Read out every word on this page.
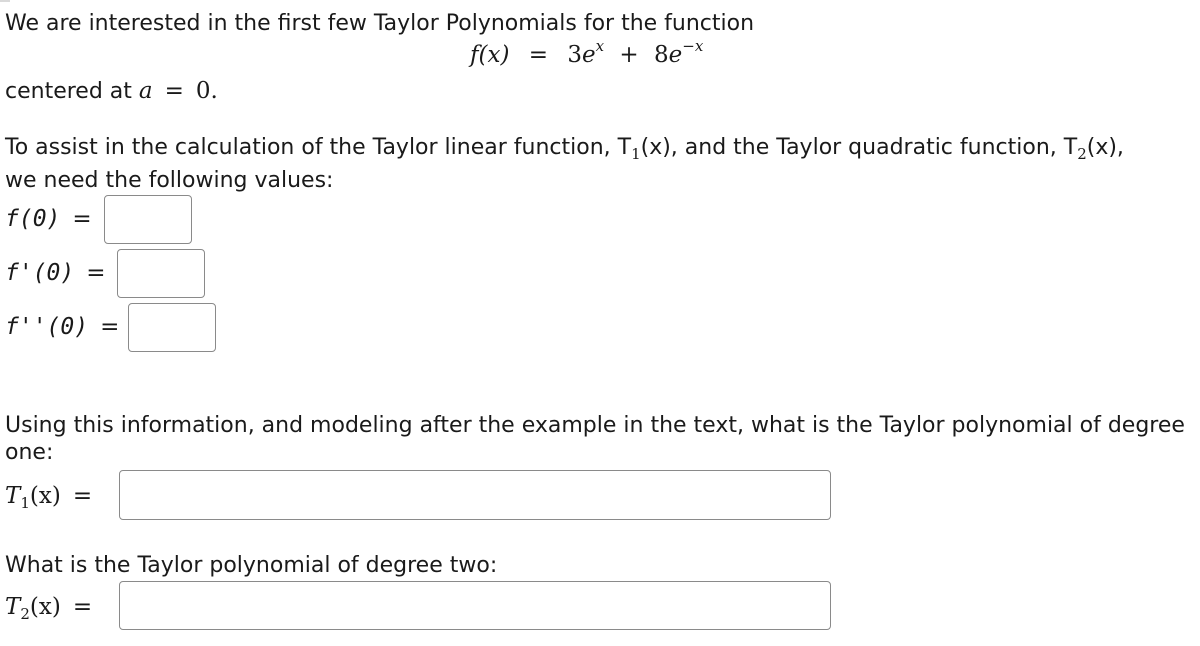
We are interested in the first few Taylor Polynomials for the function
$f(x) = 3e^x + 8e^{-x}$
centered at a = 0.
To assist in the calculation of the Taylor linear function, $T_1(x)$, and the Taylor quadratic function, $T_2(x)$,
we need the following values:
f(0) =
f'(0) =
f''(0) =
Using this information, and modeling after the example in the text, what is the Taylor polynomial of degree
one:
$T_1(x)$ =
What is the Taylor polynomial of degree two:
$T_2(x)$ =
